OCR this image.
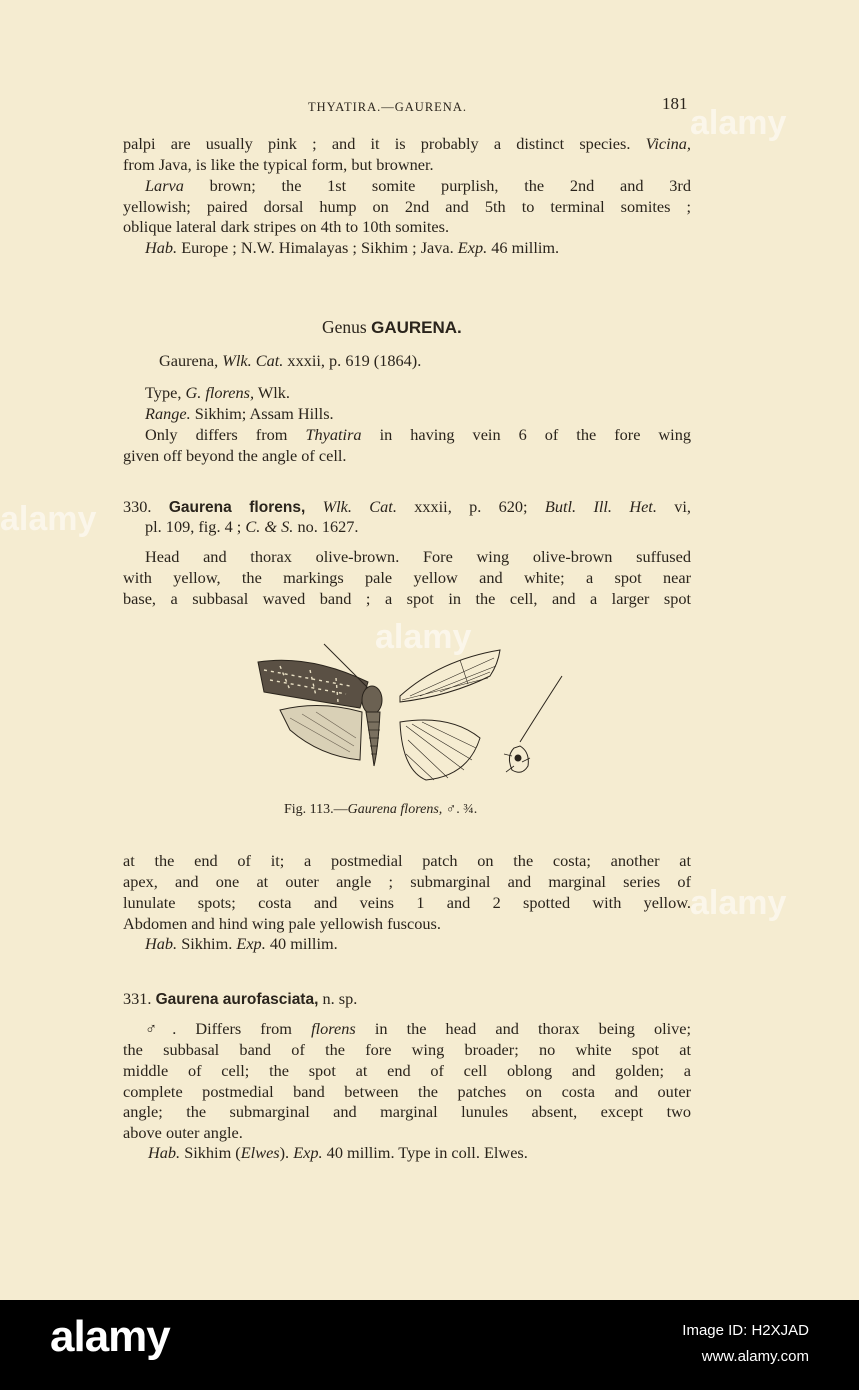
THYATIRA.—GAURENA.	181
palpi are usually pink ; and it is probably a distinct species. Vicina,
from Java, is like the typical form, but browner.
Larva brown; the 1st somite purplish, the 2nd and 3rd
yellowish; paired dorsal hump on 2nd and 5th to terminal somites ;
oblique lateral dark stripes on 4th to 10th somites.
Hab. Europe ; N.W. Himalayas ; Sikhim ; Java. Exp. 46 millim.
Genus GAURENA.
Gaurena, Wlk. Cat. xxxii, p. 619 (1864).
Type, G. florens, Wlk.
Range. Sikhim; Assam Hills.
Only differs from Thyatira in having vein 6 of the fore wing
given off beyond the angle of cell.
330. Gaurena florens, Wlk. Cat. xxxii, p. 620; Butl. Ill. Het. vi,
pl. 109, fig. 4 ; C. & S. no. 1627.
Head and thorax olive-brown. Fore wing olive-brown suffused
with yellow, the markings pale yellow and white; a spot near
base, a subbasal waved band ; a spot in the cell, and a larger spot
Fig. 113.—Gaurena florens, ♂. ¾.
at the end of it; a postmedial patch on the costa; another at
apex, and one at outer angle ; submarginal and marginal series of
lunulate spots; costa and veins 1 and 2 spotted with yellow.
Abdomen and hind wing pale yellowish fuscous.
Hab. Sikhim. Exp. 40 millim.
331. Gaurena aurofasciata, n. sp.
♂. Differs from florens in the head and thorax being olive;
the subbasal band of the fore wing broader; no white spot at
middle of cell; the spot at end of cell oblong and golden; a
complete postmedial band between the patches on costa and outer
angle; the submarginal and marginal lunules absent, except two
above outer angle.
Hab. Sikhim (Elwes). Exp. 40 millim. Type in coll. Elwes.
alamy
alamy
alamy
alamy
alamy	Image ID: H2XJAD
www.alamy.com
